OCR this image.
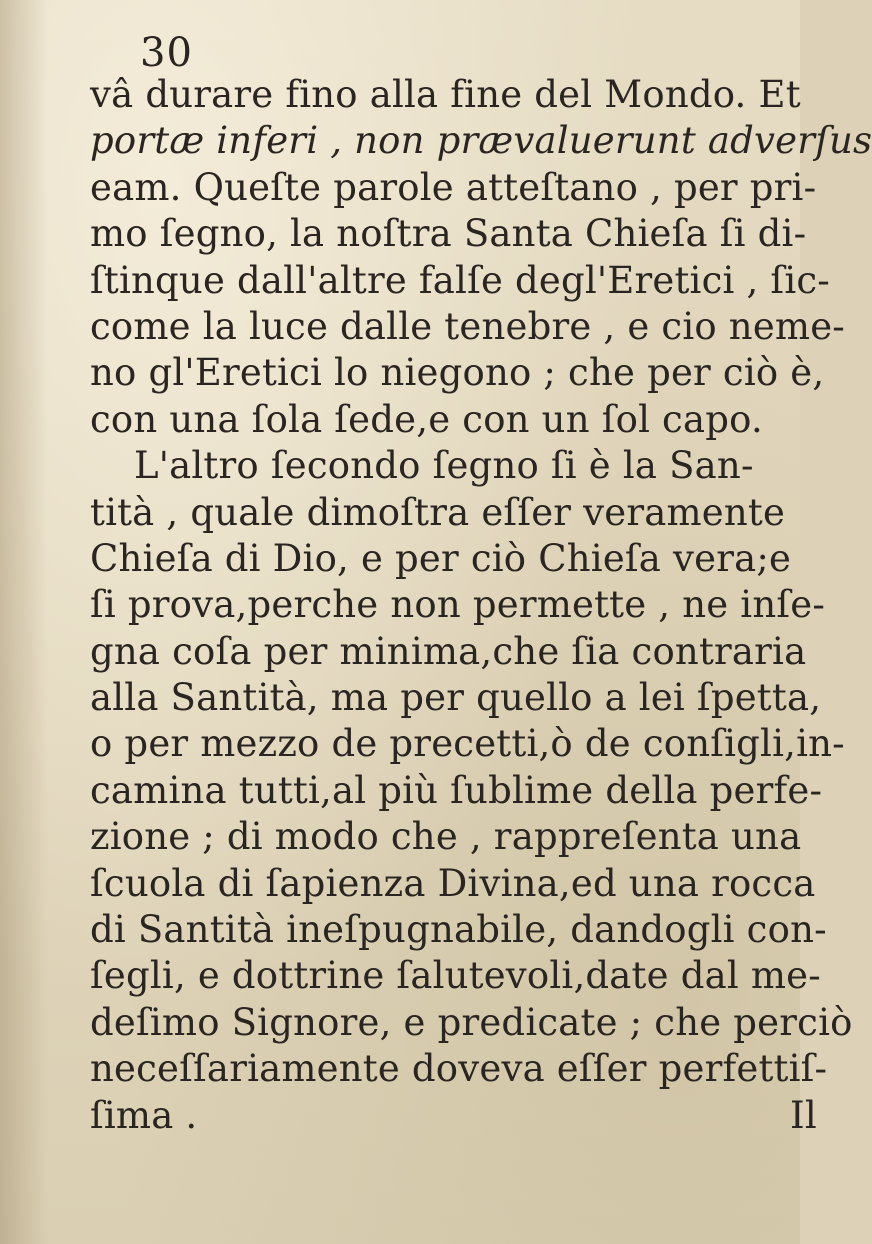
30
vâ durare fino alla fine del Mondo. Et
portæ inferi , non prævaluerunt adverſus
eam. Queſte parole atteſtano , per pri-
mo ſegno, la noſtra Santa Chieſa ſi di-
ſtinque dall'altre falſe degl'Eretici , ſic-
come la luce dalle tenebre , e cio neme-
no gl'Eretici lo niegono ; che per ciò è,
con una ſola ſede,e con un ſol capo.
L'altro ſecondo ſegno ſi è la San-
tità , quale dimoſtra eſſer veramente
Chieſa di Dio, e per ciò Chieſa vera;e
ſi prova,perche non permette , ne inſe-
gna coſa per minima,che ſia contraria
alla Santità, ma per quello a lei ſpetta,
o per mezzo de precetti,ò de conſigli,in-
camina tutti,al più ſublime della perfe-
zione ; di modo che , rappreſenta una
ſcuola di ſapienza Divina,ed una rocca
di Santità ineſpugnabile, dandogli con-
ſegli, e dottrine ſalutevoli,date dal me-
deſimo Signore, e predicate ; che perciò
neceſſariamente doveva eſſer perfettiſ-
ſima .	Il
